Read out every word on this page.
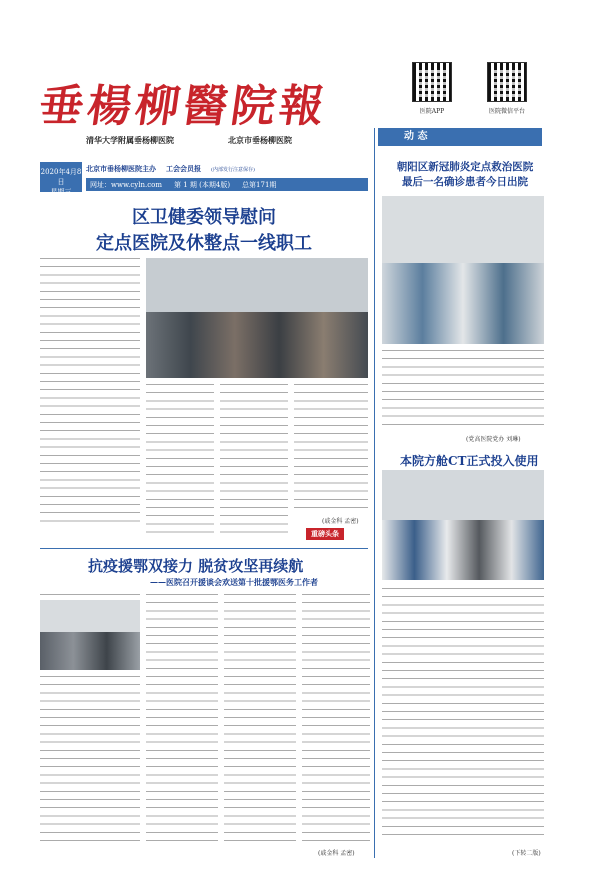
垂楊柳醫院報
清华大学附属垂杨柳医院	北京市垂杨柳医院
医院APP	医院微信平台
2020年4月8日
星期三
北京市垂杨柳医院主办 工会会员报 (内部发行注意保存)
网址：www.cyln.com 第 1 期 (本期4版) 总第171期
动 态
区卫健委领导慰问
定点医院及休整点一线职工
(戚金科 孟密)
重磅头条
抗疫援鄂双接力 脱贫攻坚再续航
——医院召开援谈会欢送第十批援鄂医务工作者
(戚金科 孟密)
朝阳区新冠肺炎定点救治医院
最后一名确诊患者今日出院
(党高医院党办 刘琳)
本院方舱CT正式投入使用
(下转二版)
